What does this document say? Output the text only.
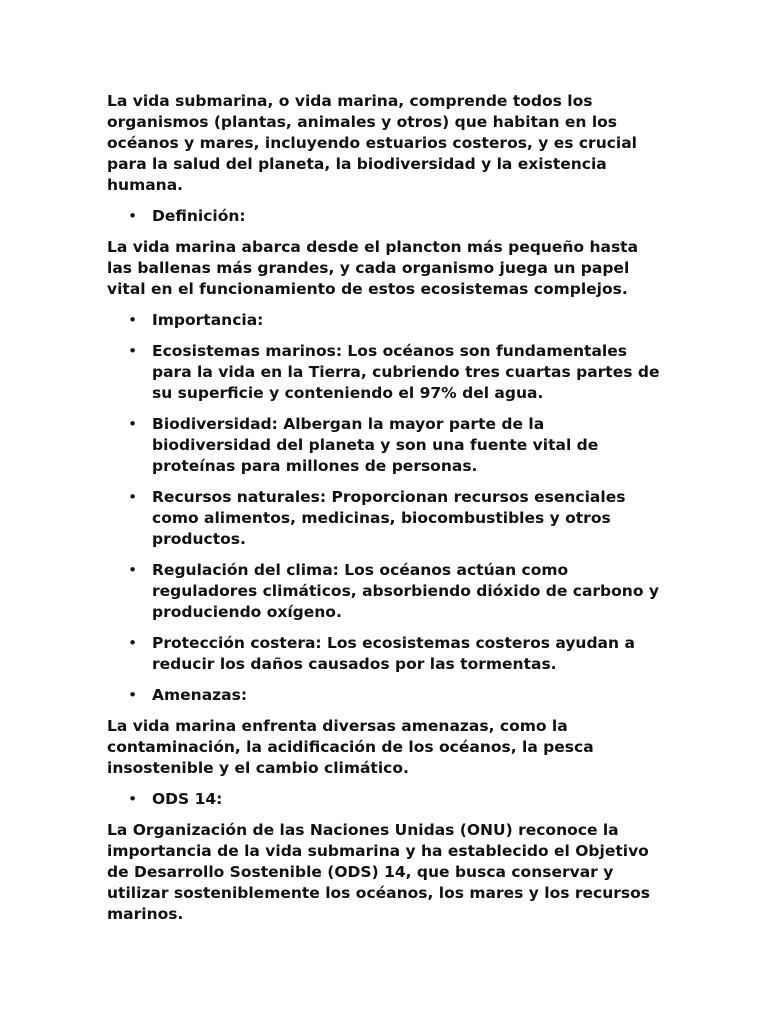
La vida submarina, o vida marina, comprende todos los organismos (plantas, animales y otros) que habitan en los océanos y mares, incluyendo estuarios costeros, y es crucial para la salud del planeta, la biodiversidad y la existencia humana.

• Definición:

La vida marina abarca desde el plancton más pequeño hasta las ballenas más grandes, y cada organismo juega un papel vital en el funcionamiento de estos ecosistemas complejos.

• Importancia:
• Ecosistemas marinos: Los océanos son fundamentales para la vida en la Tierra, cubriendo tres cuartas partes de su superficie y conteniendo el 97% del agua.
• Biodiversidad: Albergan la mayor parte de la biodiversidad del planeta y son una fuente vital de proteínas para millones de personas.
• Recursos naturales: Proporcionan recursos esenciales como alimentos, medicinas, biocombustibles y otros productos.
• Regulación del clima: Los océanos actúan como reguladores climáticos, absorbiendo dióxido de carbono y produciendo oxígeno.
• Protección costera: Los ecosistemas costeros ayudan a reducir los daños causados por las tormentas.
• Amenazas:

La vida marina enfrenta diversas amenazas, como la contaminación, la acidificación de los océanos, la pesca insostenible y el cambio climático.

• ODS 14:

La Organización de las Naciones Unidas (ONU) reconoce la importancia de la vida submarina y ha establecido el Objetivo de Desarrollo Sostenible (ODS) 14, que busca conservar y utilizar sosteniblemente los océanos, los mares y los recursos marinos.
